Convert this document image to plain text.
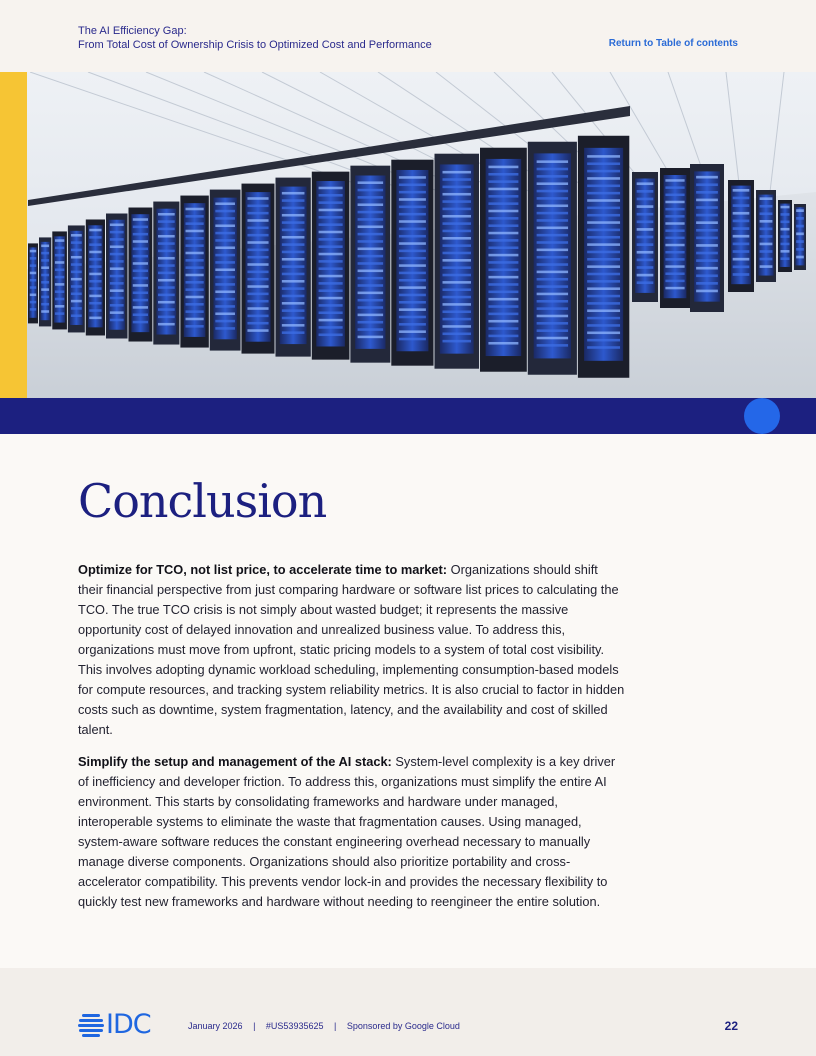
The AI Efficiency Gap:
From Total Cost of Ownership Crisis to Optimized Cost and Performance	Return to Table of contents
Conclusion

Optimize for TCO, not list price, to accelerate time to market: Organizations should shift their financial perspective from just comparing hardware or software list prices to calculating the TCO. The true TCO crisis is not simply about wasted budget; it represents the massive opportunity cost of delayed innovation and unrealized business value. To address this, organizations must move from upfront, static pricing models to a system of total cost visibility. This involves adopting dynamic workload scheduling, implementing consumption-based models for compute resources, and tracking system reliability metrics. It is also crucial to factor in hidden costs such as downtime, system fragmentation, latency, and the availability and cost of skilled talent.

Simplify the setup and management of the AI stack: System-level complexity is a key driver of inefficiency and developer friction. To address this, organizations must simplify the entire AI environment. This starts by consolidating frameworks and hardware under managed, interoperable systems to eliminate the waste that fragmentation causes. Using managed, system-aware software reduces the constant engineering overhead necessary to manually manage diverse components. Organizations should also prioritize portability and cross-accelerator compatibility. This prevents vendor lock-in and provides the necessary flexibility to quickly test new frameworks and hardware without needing to reengineer the entire solution.

IDC	January 2026 | #US53935625 | Sponsored by Google Cloud	22
